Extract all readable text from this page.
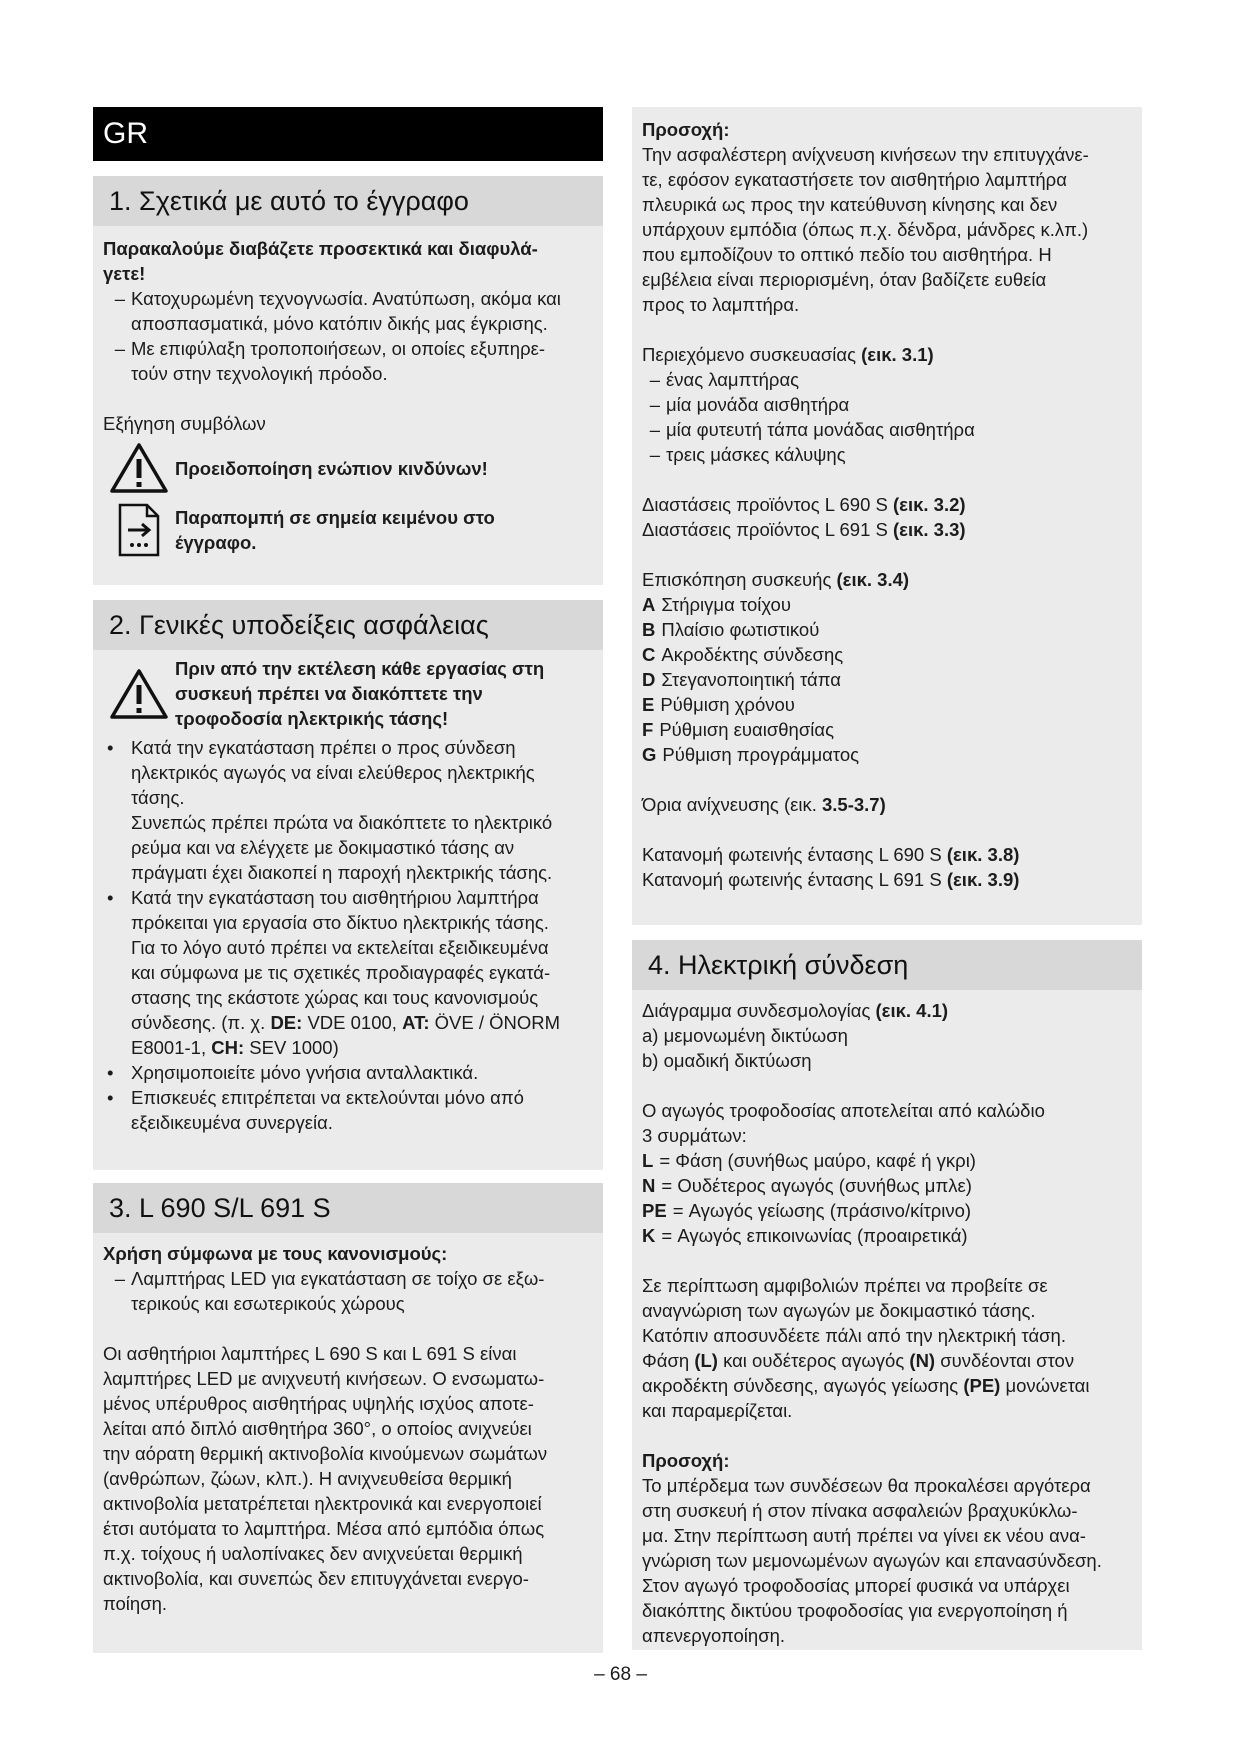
GR
1. Σχετικά με αυτό το έγγραφο
Παρακαλούμε διαβάζετε προσεκτικά και διαφυλά-
γετε!
– Κατοχυρωμένη τεχνογνωσία. Ανατύπωση, ακόμα και
αποσπασματικά, μόνο κατόπιν δικής μας έγκρισης.
– Με επιφύλαξη τροποποιήσεων, οι οποίες εξυπηρε-
τούν στην τεχνολογική πρόοδο.
Εξήγηση συμβόλων
Προειδοποίηση ενώπιον κινδύνων!
Παραπομπή σε σημεία κειμένου στο
έγγραφο.
2. Γενικές υποδείξεις ασφάλειας
Πριν από την εκτέλεση κάθε εργασίας στη
συσκευή πρέπει να διακόπτετε την
τροφοδοσία ηλεκτρικής τάσης!
• Κατά την εγκατάσταση πρέπει ο προς σύνδεση
ηλεκτρικός αγωγός να είναι ελεύθερος ηλεκτρικής
τάσης.
Συνεπώς πρέπει πρώτα να διακόπτετε το ηλεκτρικό
ρεύμα και να ελέγχετε με δοκιμαστικό τάσης αν
πράγματι έχει διακοπεί η παροχή ηλεκτρικής τάσης.
• Κατά την εγκατάσταση του αισθητήριου λαμπτήρα
πρόκειται για εργασία στο δίκτυο ηλεκτρικής τάσης.
Για το λόγο αυτό πρέπει να εκτελείται εξειδικευμένα
και σύμφωνα με τις σχετικές προδιαγραφές εγκατά-
στασης της εκάστοτε χώρας και τους κανονισμούς
σύνδεσης. (π. χ. DE: VDE 0100, AT: ÖVE / ÖNORM
E8001-1, CH: SEV 1000)
• Χρησιμοποιείτε μόνο γνήσια ανταλλακτικά.
• Επισκευές επιτρέπεται να εκτελούνται μόνο από
εξειδικευμένα συνεργεία.
3. L 690 S/L 691 S
Χρήση σύμφωνα με τους κανονισμούς:
– Λαμπτήρας LED για εγκατάσταση σε τοίχο σε εξω-
τερικούς και εσωτερικούς χώρους
Οι ασθητήριοι λαμπτήρες L 690 S και L 691 S είναι
λαμπτήρες LED με ανιχνευτή κινήσεων. Ο ενσωματω-
μένος υπέρυθρος αισθητήρας υψηλής ισχύος αποτε-
λείται από διπλό αισθητήρα 360°, ο οποίος ανιχνεύει
την αόρατη θερμική ακτινοβολία κινούμενων σωμάτων
(ανθρώπων, ζώων, κλπ.). Η ανιχνευθείσα θερμική
ακτινοβολία μετατρέπεται ηλεκτρονικά και ενεργοποιεί
έτσι αυτόματα το λαμπτήρα. Μέσα από εμπόδια όπως
π.χ. τοίχους ή υαλοπίνακες δεν ανιχνεύεται θερμική
ακτινοβολία, και συνεπώς δεν επιτυγχάνεται ενεργο-
ποίηση.
Προσοχή:
Την ασφαλέστερη ανίχνευση κινήσεων την επιτυγχάνε-
τε, εφόσον εγκαταστήσετε τον αισθητήριο λαμπτήρα
πλευρικά ως προς την κατεύθυνση κίνησης και δεν
υπάρχουν εμπόδια (όπως π.χ. δένδρα, μάνδρες κ.λπ.)
που εμποδίζουν το οπτικό πεδίο του αισθητήρα. Η
εμβέλεια είναι περιορισμένη, όταν βαδίζετε ευθεία
προς το λαμπτήρα.
Περιεχόμενο συσκευασίας (εικ. 3.1)
– ένας λαμπτήρας
– μία μονάδα αισθητήρα
– μία φυτευτή τάπα μονάδας αισθητήρα
– τρεις μάσκες κάλυψης
Διαστάσεις προϊόντος L 690 S (εικ. 3.2)
Διαστάσεις προϊόντος L 691 S (εικ. 3.3)
Επισκόπηση συσκευής (εικ. 3.4)
A Στήριγμα τοίχου
B Πλαίσιο φωτιστικού
C Ακροδέκτης σύνδεσης
D Στεγανοποιητική τάπα
E Ρύθμιση χρόνου
F Ρύθμιση ευαισθησίας
G Ρύθμιση προγράμματος
Όρια ανίχνευσης (εικ. 3.5-3.7)
Κατανομή φωτεινής έντασης L 690 S (εικ. 3.8)
Κατανομή φωτεινής έντασης L 691 S (εικ. 3.9)
4. Ηλεκτρική σύνδεση
Διάγραμμα συνδεσμολογίας (εικ. 4.1)
a) μεμονωμένη δικτύωση
b) ομαδική δικτύωση
Ο αγωγός τροφοδοσίας αποτελείται από καλώδιο
3 συρμάτων:
L = Φάση (συνήθως μαύρο, καφέ ή γκρι)
N = Ουδέτερος αγωγός (συνήθως μπλε)
PE = Αγωγός γείωσης (πράσινο/κίτρινο)
K = Αγωγός επικοινωνίας (προαιρετικά)
Σε περίπτωση αμφιβολιών πρέπει να προβείτε σε
αναγνώριση των αγωγών με δοκιμαστικό τάσης.
Κατόπιν αποσυνδέετε πάλι από την ηλεκτρική τάση.
Φάση (L) και ουδέτερος αγωγός (N) συνδέονται στον
ακροδέκτη σύνδεσης, αγωγός γείωσης (PE) μονώνεται
και παραμερίζεται.
Προσοχή:
Το μπέρδεμα των συνδέσεων θα προκαλέσει αργότερα
στη συσκευή ή στον πίνακα ασφαλειών βραχυκύκλω-
μα. Στην περίπτωση αυτή πρέπει να γίνει εκ νέου ανα-
γνώριση των μεμονωμένων αγωγών και επανασύνδεση.
Στον αγωγό τροφοδοσίας μπορεί φυσικά να υπάρχει
διακόπτης δικτύου τροφοδοσίας για ενεργοποίηση ή
απενεργοποίηση.
– 68 –
